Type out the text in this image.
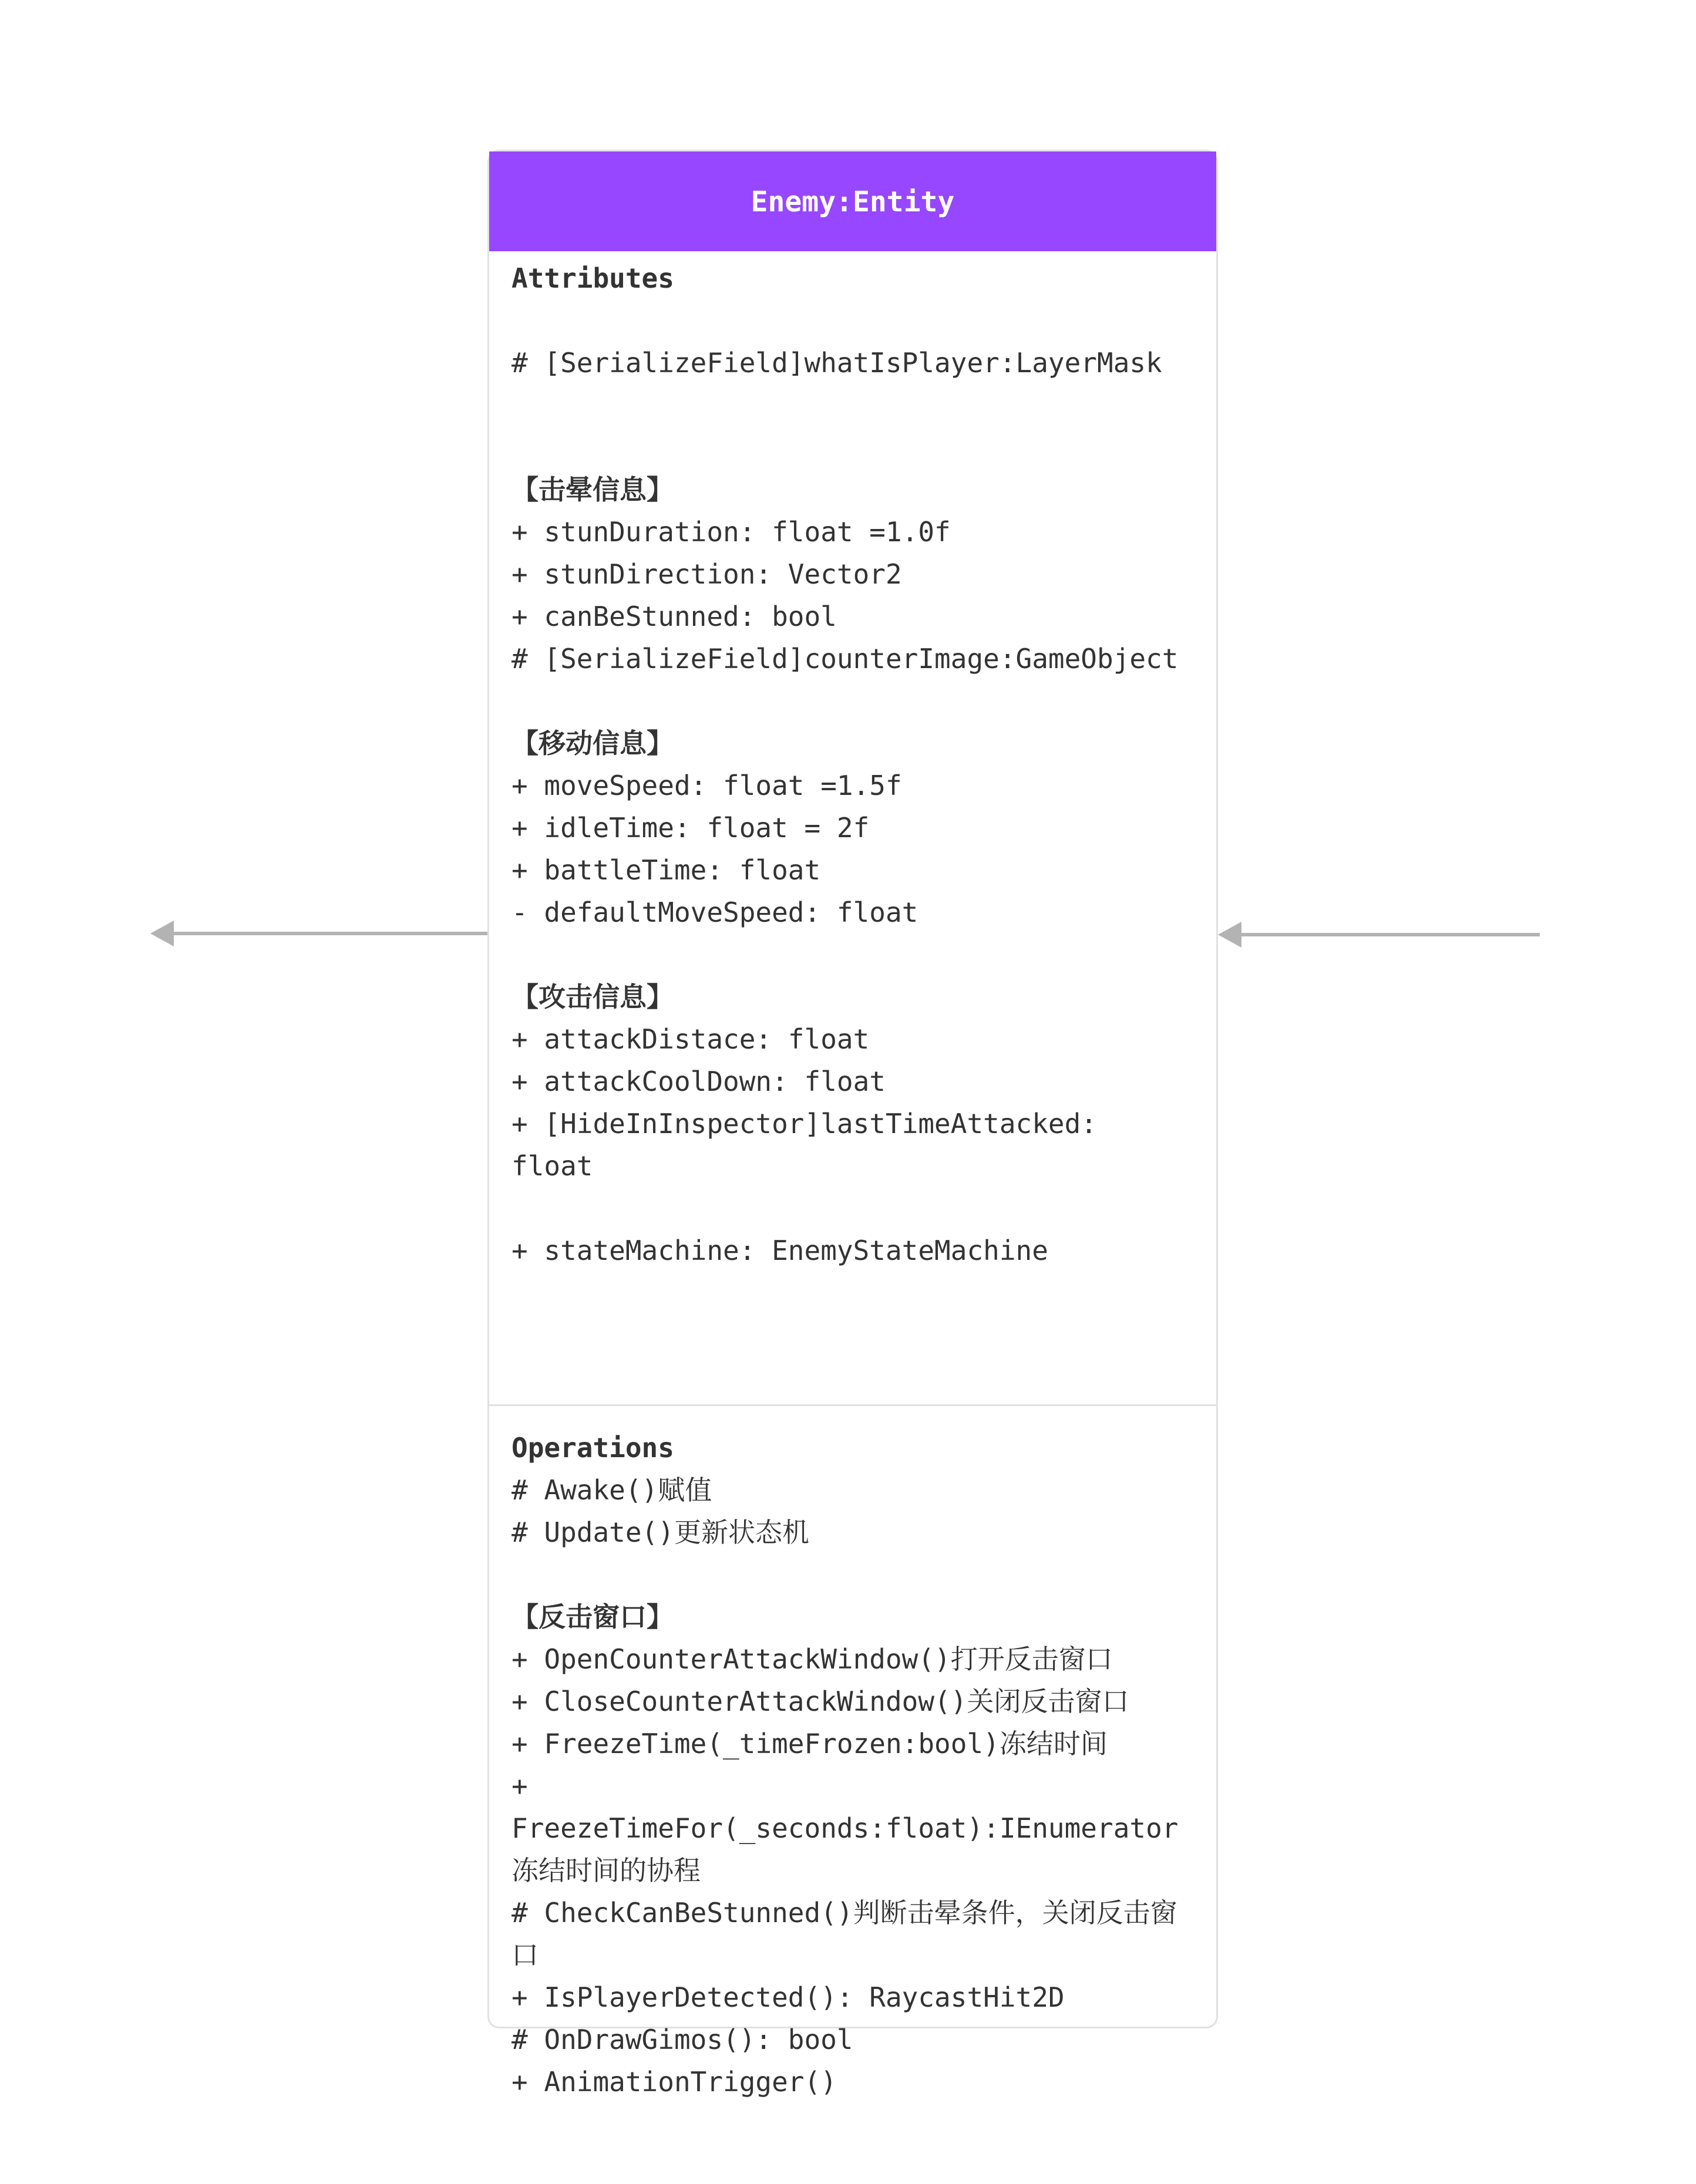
Enemy:Entity
Attributes
# [SerializeField]whatIsPlayer:LayerMask
【击晕信息】
+ stunDuration: float =1.0f
+ stunDirection: Vector2
+ canBeStunned: bool
# [SerializeField]counterImage:GameObject
【移动信息】
+ moveSpeed: float =1.5f
+ idleTime: float = 2f
+ battleTime: float
- defaultMoveSpeed: float
【攻击信息】
+ attackDistace: float
+ attackCoolDown: float
+ [HideInInspector]lastTimeAttacked:
float
+ stateMachine: EnemyStateMachine
Operations
# Awake()赋值
# Update()更新状态机
【反击窗口】
+ OpenCounterAttackWindow()打开反击窗口
+ CloseCounterAttackWindow()关闭反击窗口
+ FreezeTime(_timeFrozen:bool)冻结时间
+
FreezeTimeFor(_seconds:float):IEnumerator
冻结时间的协程
# CheckCanBeStunned()判断击晕条件，关闭反击窗
口
+ IsPlayerDetected(): RaycastHit2D
# OnDrawGimos(): bool
+ AnimationTrigger()
